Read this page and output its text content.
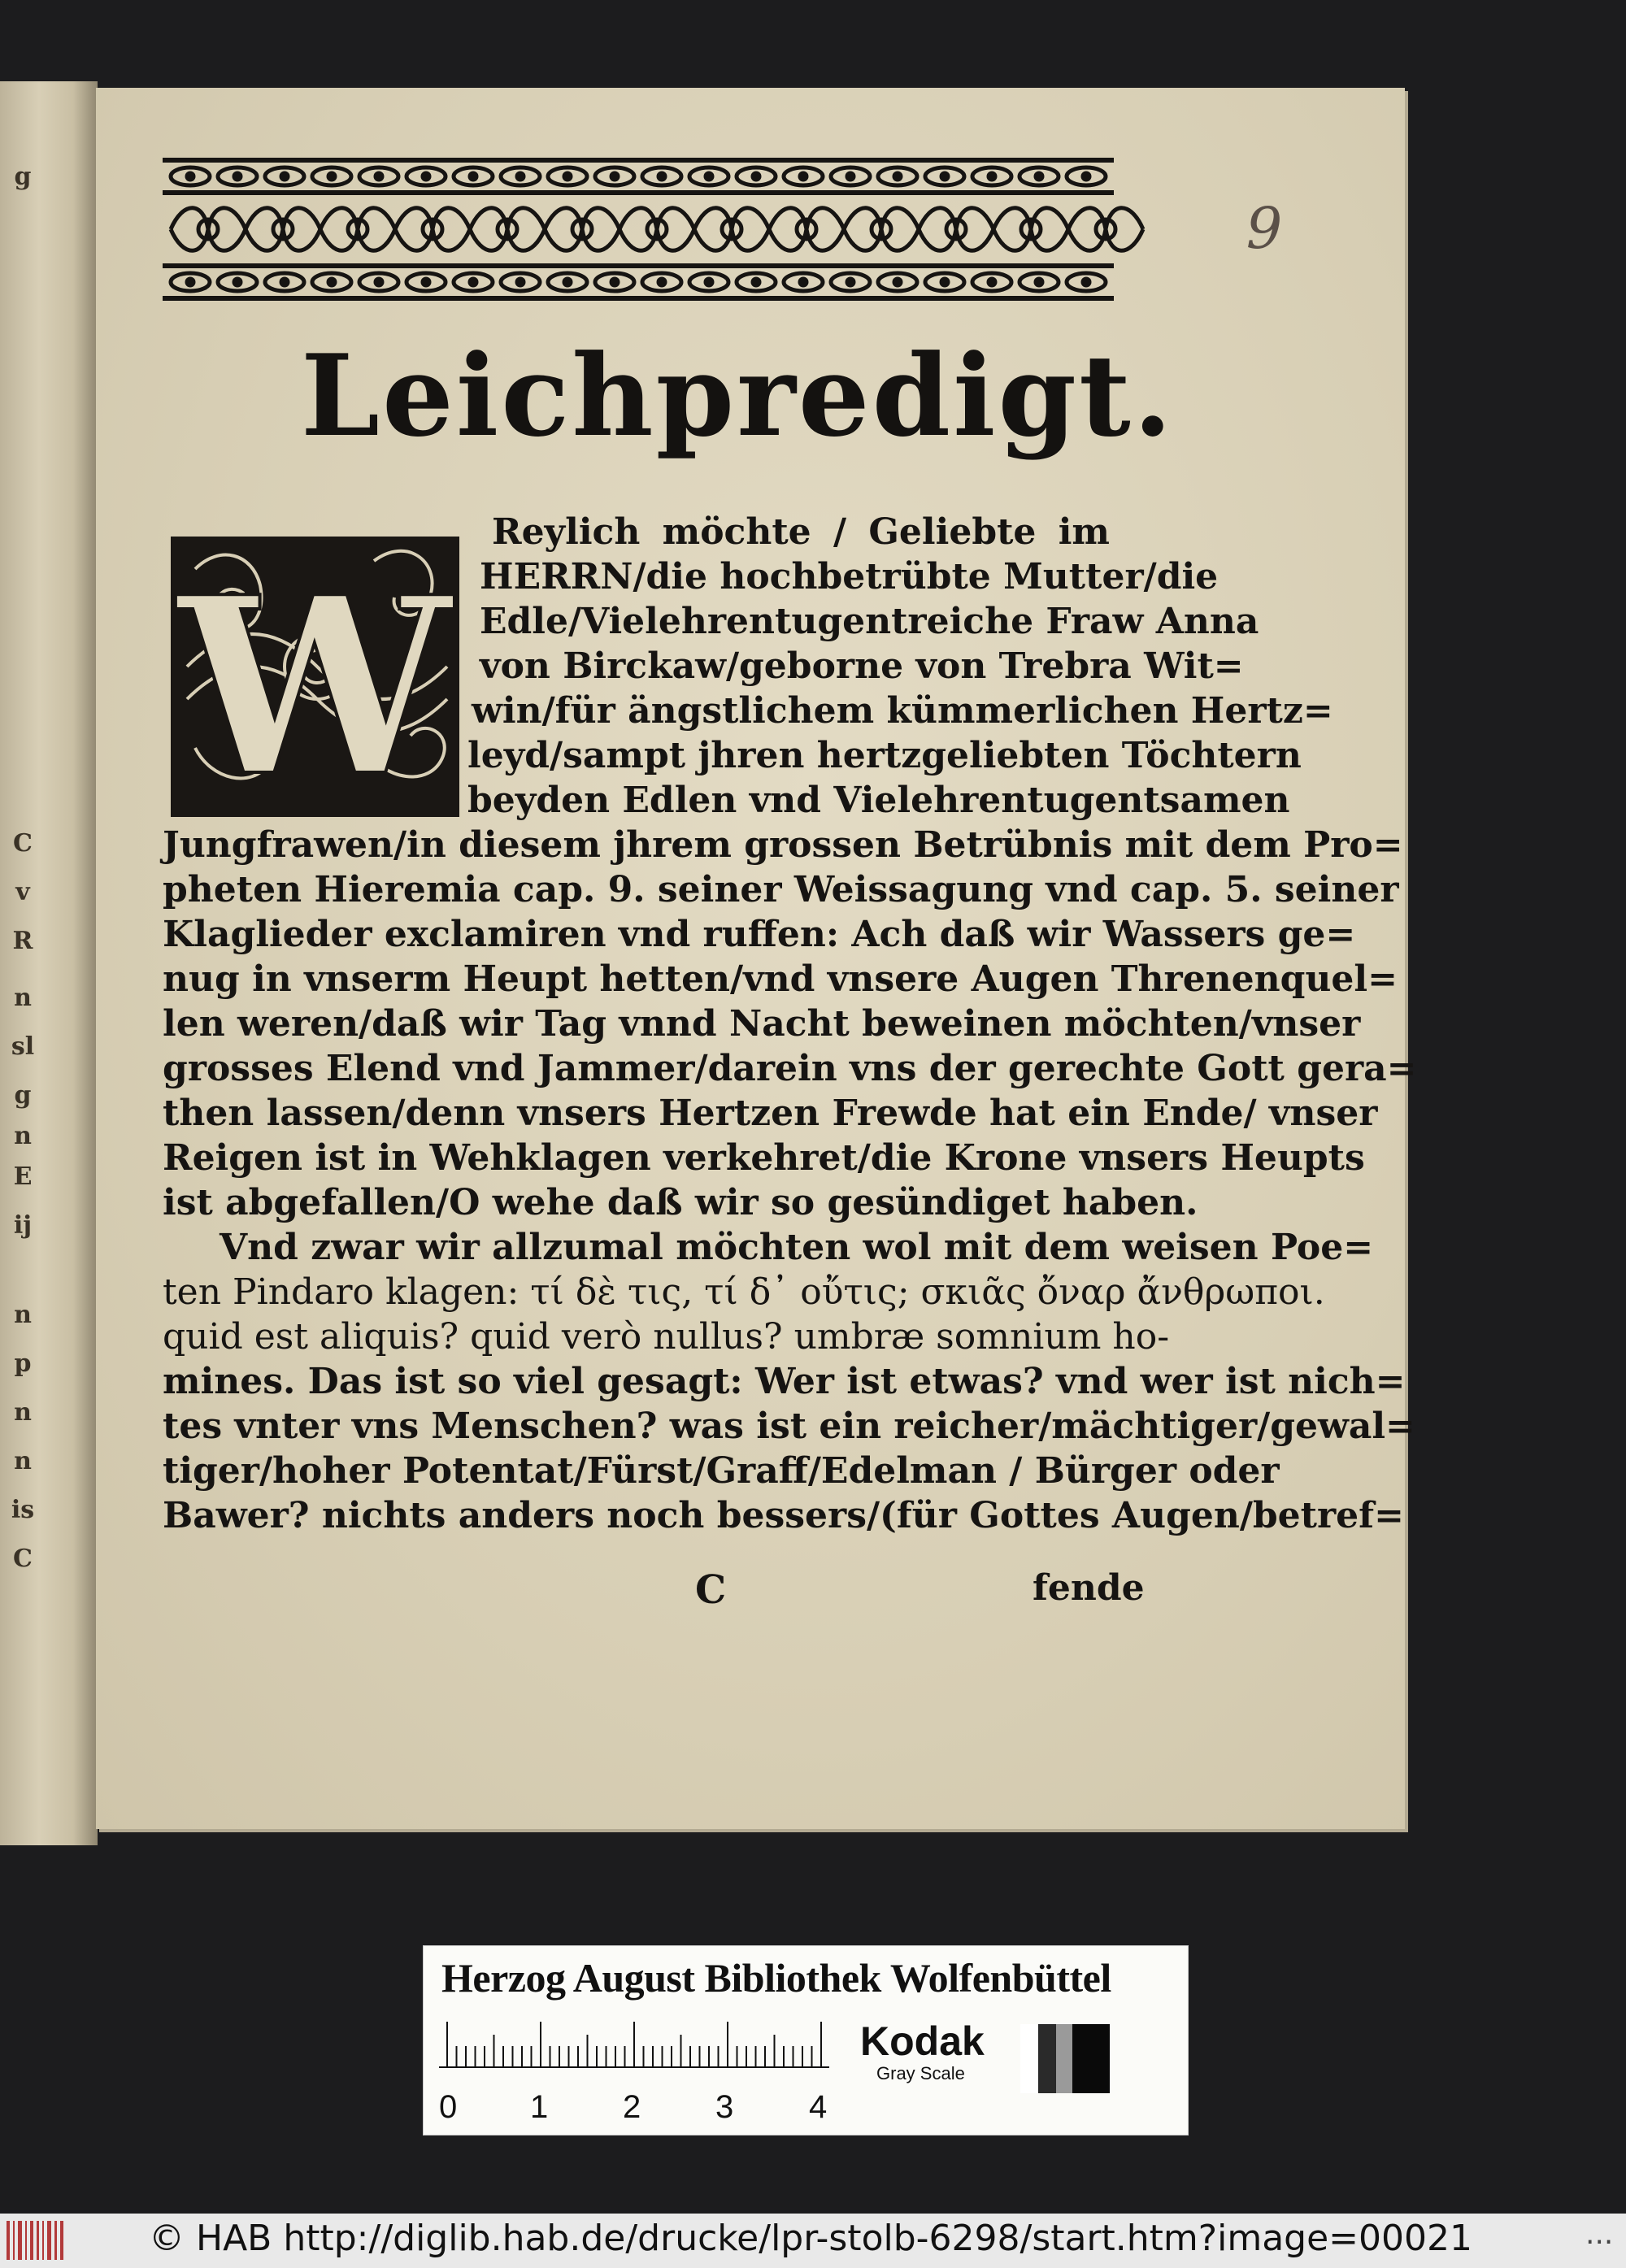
g
C
v
R
n
sl
g
n
E
ij
n
p
n
n
is
C
9
Leichpredigt.
W
Reylich möchte / Geliebte im
HERRN/die hochbetrübte Mutter/die
Edle/Vielehrentugentreiche Fraw Anna
von Birckaw/geborne von Trebra Wit=
win/für ängstlichem kümmerlichen Hertz=
leyd/sampt jhren hertzgeliebten Töchtern
beyden Edlen vnd Vielehrentugentsamen
Jungfrawen/in diesem jhrem grossen Betrübnis mit dem Pro=
pheten Hieremia cap. 9. seiner Weissagung vnd cap. 5. seiner
Klaglieder exclamiren vnd ruffen: Ach daß wir Wassers ge=
nug in vnserm Heupt hetten/vnd vnsere Augen Threnenquel=
len weren/daß wir Tag vnnd Nacht beweinen möchten/vnser
grosses Elend vnd Jammer/darein vns der gerechte Gott gera=
then lassen/denn vnsers Hertzen Frewde hat ein Ende/ vnser
Reigen ist in Wehklagen verkehret/die Krone vnsers Heupts
ist abgefallen/O wehe daß wir so gesündiget haben.
Vnd zwar wir allzumal möchten wol mit dem weisen Poe=
ten Pindaro klagen: τί δὲ τις, τί δ᾽ οὔτις; σκιᾶς ὄναρ ἄνθρωποι.
quid est aliquis? quid verò nullus? umbræ somnium ho-
mines. Das ist so viel gesagt: Wer ist etwas? vnd wer ist nich=
tes vnter vns Menschen? was ist ein reicher/mächtiger/gewal=
tiger/hoher Potentat/Fürst/Graff/Edelman / Bürger oder
Bawer? nichts anders noch bessers/(für Gottes Augen/betref=
C	fende
Herzog August Bibliothek Wolfenbüttel
0 1 2 3 4
Kodak
Gray Scale
© HAB http://diglib.hab.de/drucke/lpr-stolb-6298/start.htm?image=00021	...
